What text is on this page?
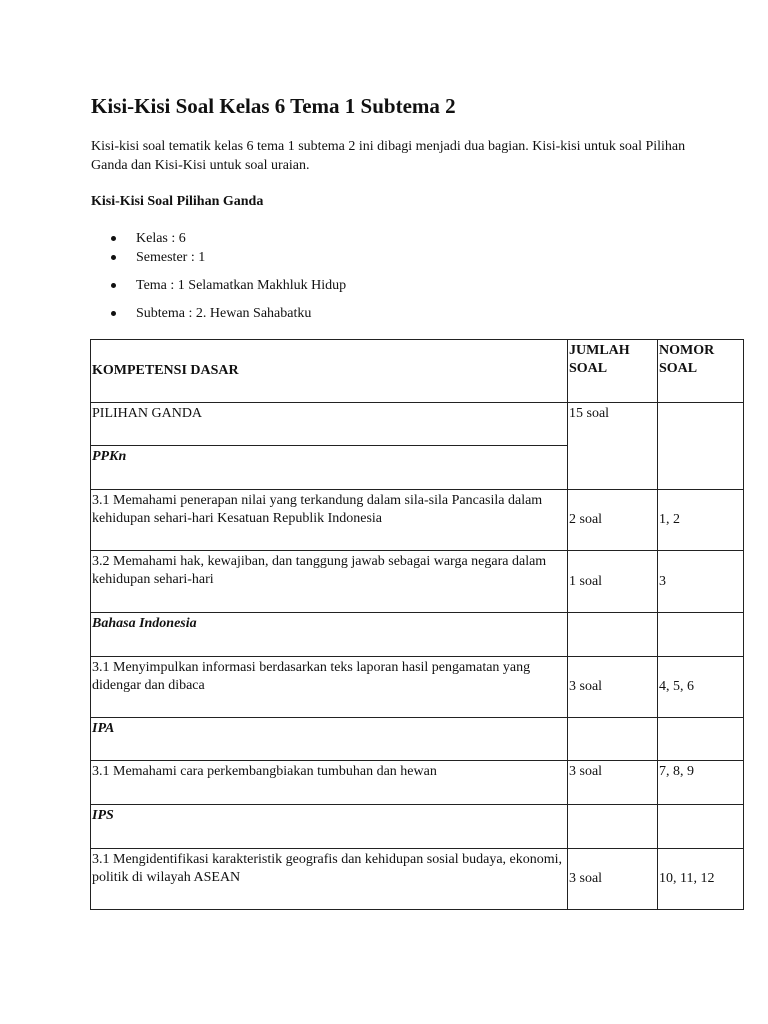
Kisi-Kisi Soal Kelas 6 Tema 1 Subtema 2

Kisi-kisi soal tematik kelas 6 tema 1 subtema 2 ini dibagi menjadi dua bagian. Kisi-kisi untuk soal Pilihan Ganda dan Kisi-Kisi untuk soal uraian.

Kisi-Kisi Soal Pilihan Ganda

Kelas : 6
Semester : 1
Tema : 1 Selamatkan Makhluk Hidup
Subtema : 2. Hewan Sahabatku
KOMPETENSI DASAR	JUMLAH SOAL	NOMOR SOAL
PILIHAN GANDA	15 soal	
PPKn		
3.1 Memahami penerapan nilai yang terkandung dalam sila-sila Pancasila dalam kehidupan sehari-hari Kesatuan Republik Indonesia	2 soal	1, 2
3.2 Memahami hak, kewajiban, dan tanggung jawab sebagai warga negara dalam kehidupan sehari-hari	1 soal	3
Bahasa Indonesia		
3.1 Menyimpulkan informasi berdasarkan teks laporan hasil pengamatan yang didengar dan dibaca	3 soal	4, 5, 6
IPA		
3.1 Memahami cara perkembangbiakan tumbuhan dan hewan	3 soal	7, 8, 9
IPS		
3.1 Mengidentifikasi karakteristik geografis dan kehidupan sosial budaya, ekonomi, politik di wilayah ASEAN	3 soal	10, 11, 12
